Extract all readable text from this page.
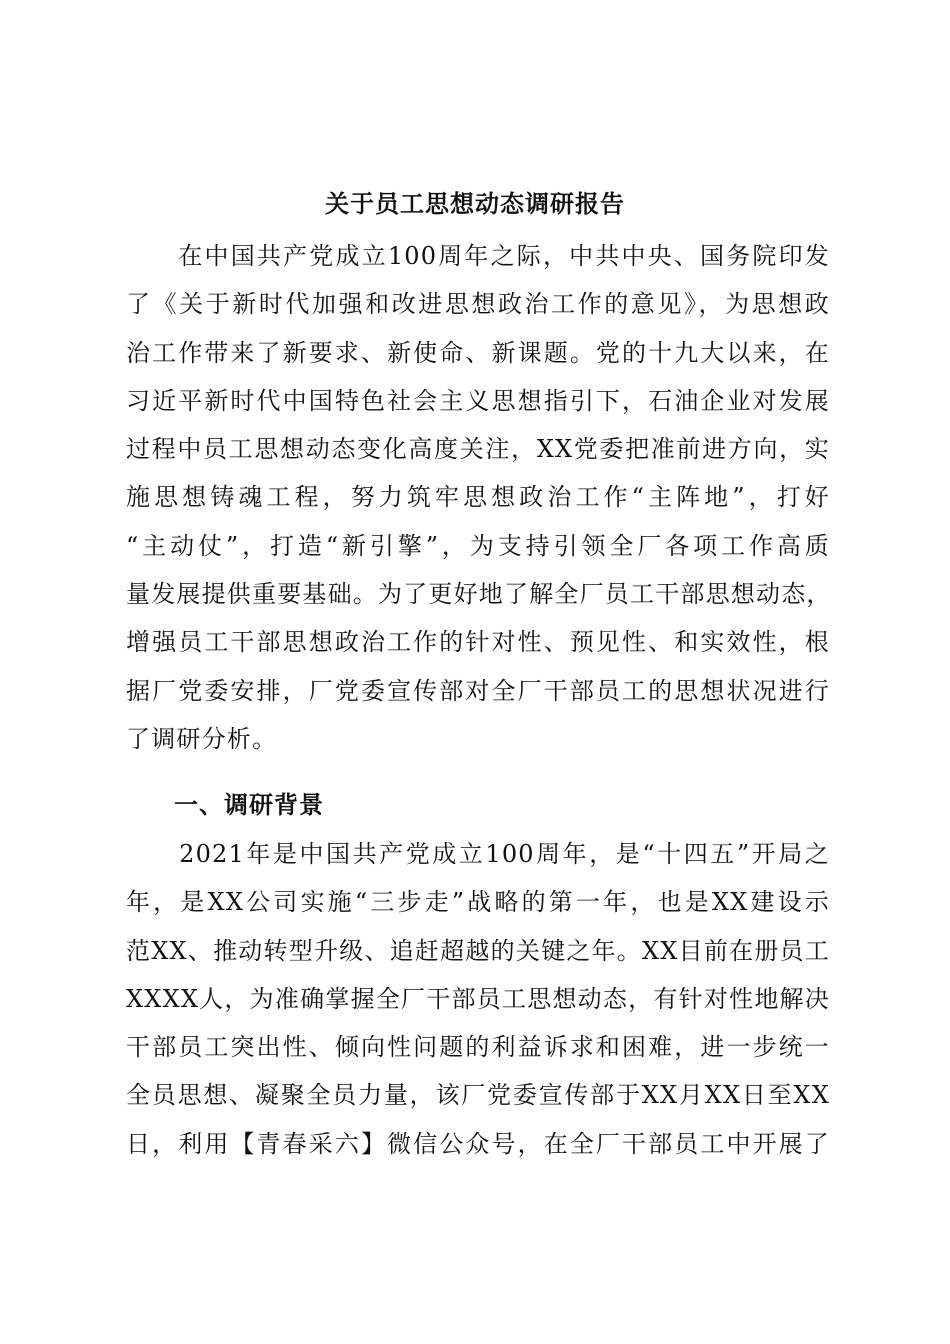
关于员工思想动态调研报告
　　在中国共产党成立100周年之际，中共中央、国务院印发
了《关于新时代加强和改进思想政治工作的意见》，为思想政
治工作带来了新要求、新使命、新课题。党的十九大以来，在
习近平新时代中国特色社会主义思想指引下，石油企业对发展
过程中员工思想动态变化高度关注，XX党委把准前进方向，实
施思想铸魂工程，努力筑牢思想政治工作“主阵地”，打好
“主动仗”，打造“新引擎”，为支持引领全厂各项工作高质
量发展提供重要基础。为了更好地了解全厂员工干部思想动态，
增强员工干部思想政治工作的针对性、预见性、和实效性，根
据厂党委安排，厂党委宣传部对全厂干部员工的思想状况进行
了调研分析。
一、调研背景
　　2021年是中国共产党成立100周年，是“十四五”开局之
年，是XX公司实施“三步走”战略的第一年，也是XX建设示
范XX、推动转型升级、追赶超越的关键之年。XX目前在册员工
XXXX人，为准确掌握全厂干部员工思想动态，有针对性地解决
干部员工突出性、倾向性问题的利益诉求和困难，进一步统一
全员思想、凝聚全员力量，该厂党委宣传部于XX月XX日至XX
日，利用【青春采六】微信公众号，在全厂干部员工中开展了
